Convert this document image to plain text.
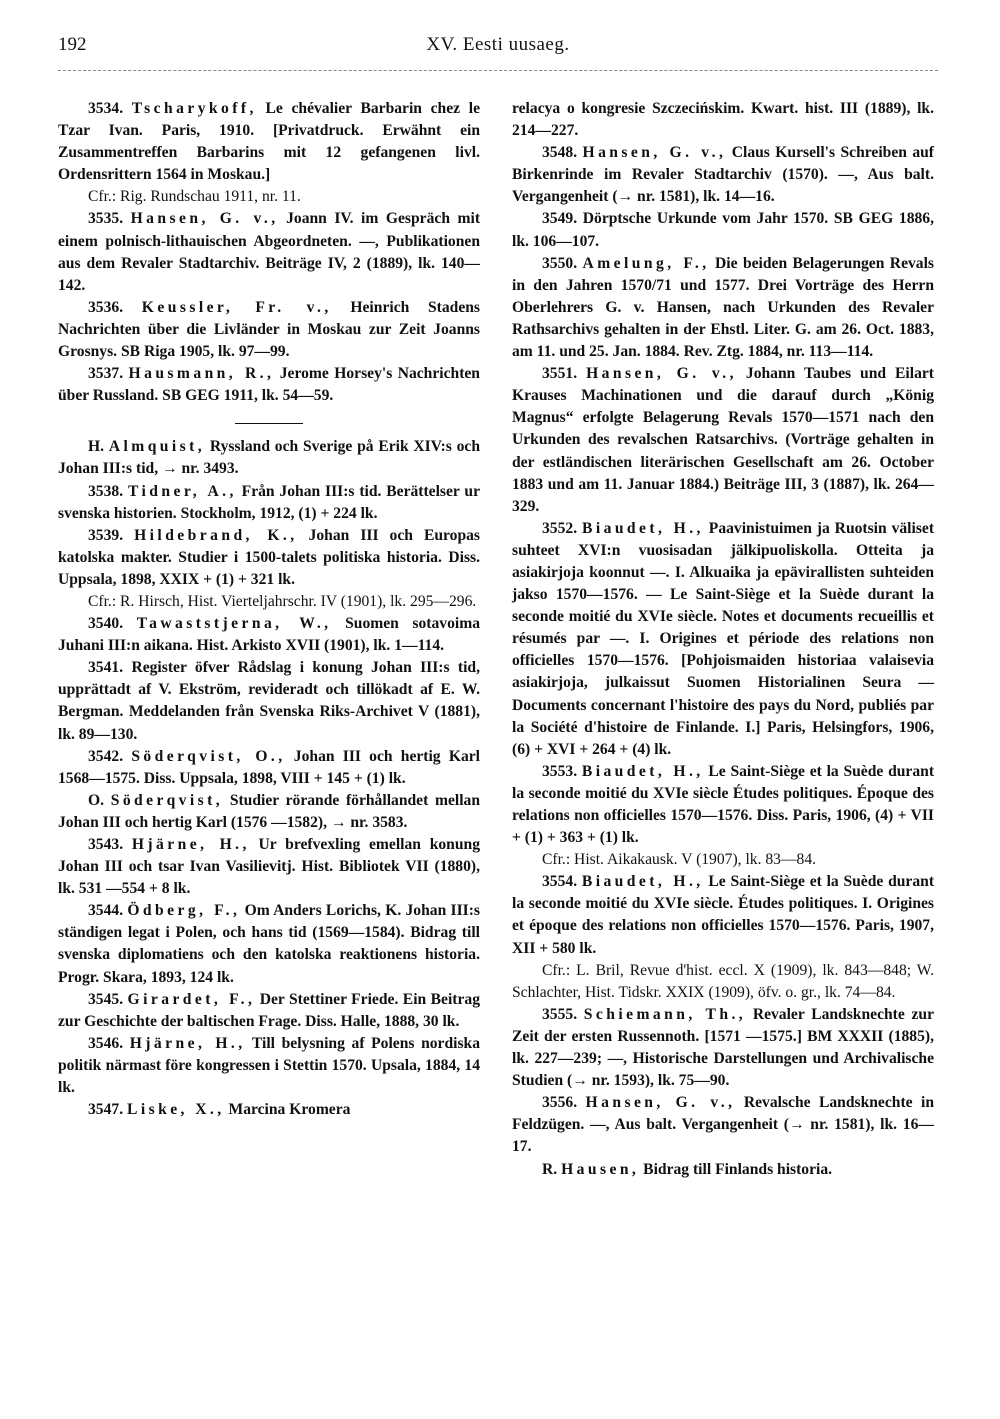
192	XV. Eesti uusaeg.

3534. Tscharykoff, Le chévalier Barbarin chez le Tzar Ivan. Paris, 1910. [Privatdruck. Erwähnt ein Zusammentreffen Barbarins mit 12 gefangenen livl. Ordensrittern 1564 in Moskau.]

Cfr.: Rig. Rundschau 1911, nr. 11.

3535. Hansen, G. v., Joann IV. im Gespräch mit einem polnisch-lithauischen Abgeordneten. —, Publikationen aus dem Revaler Stadtarchiv. Beiträge IV, 2 (1889), lk. 140—142.

3536. Keussler, Fr. v., Heinrich Stadens Nachrichten über die Livländer in Moskau zur Zeit Joanns Grosnys. SB Riga 1905, lk. 97—99.

3537. Hausmann, R., Jerome Horsey's Nachrichten über Russland. SB GEG 1911, lk. 54—59.

H. Almquist, Ryssland och Sverige på Erik XIV:s och Johan III:s tid, → nr. 3493.

3538. Tidner, A., Från Johan III:s tid. Berättelser ur svenska historien. Stockholm, 1912, (1) + 224 lk.

3539. Hildebrand, K., Johan III och Europas katolska makter. Studier i 1500-talets politiska historia. Diss. Uppsala, 1898, XXIX + (1) + 321 lk.

Cfr.: R. Hirsch, Hist. Vierteljahrschr. IV (1901), lk. 295—296.

3540. Tawaststjerna, W., Suomen sotavoima Juhani III:n aikana. Hist. Arkisto XVII (1901), lk. 1—114.

3541. Register öfver Rådslag i konung Johan III:s tid, upprättadt af V. Ekström, revideradt och tillökadt af E. W. Bergman. Meddelanden från Svenska Riks-Archivet V (1881), lk. 89—130.

3542. Söderqvist, O., Johan III och hertig Karl 1568—1575. Diss. Uppsala, 1898, VIII + 145 + (1) lk.

O. Söderqvist, Studier rörande förhållandet mellan Johan III och hertig Karl (1576 —1582), → nr. 3583.

3543. Hjärne, H., Ur brefvexling emellan konung Johan III och tsar Ivan Vasilievitj. Hist. Bibliotek VII (1880), lk. 531 —554 + 8 lk.

3544. Ödberg, F., Om Anders Lorichs, K. Johan III:s ständigen legat i Polen, och hans tid (1569—1584). Bidrag till svenska diplomatiens och den katolska reaktionens historia. Progr. Skara, 1893, 124 lk.

3545. Girardet, F., Der Stettiner Friede. Ein Beitrag zur Geschichte der baltischen Frage. Diss. Halle, 1888, 30 lk.

3546. Hjärne, H., Till belysning af Polens nordiska politik närmast före kongressen i Stettin 1570. Upsala, 1884, 14 lk.

3547. Liske, X., Marcina Kromera

relacya o kongresie Szczecińskim. Kwart. hist. III (1889), lk. 214—227.

3548. Hansen, G. v., Claus Kursell's Schreiben auf Birkenrinde im Revaler Stadtarchiv (1570). —, Aus balt. Vergangenheit (→ nr. 1581), lk. 14—16.

3549. Dörptsche Urkunde vom Jahr 1570. SB GEG 1886, lk. 106—107.

3550. Amelung, F., Die beiden Belagerungen Revals in den Jahren 1570/71 und 1577. Drei Vorträge des Herrn Oberlehrers G. v. Hansen, nach Urkunden des Revaler Rathsarchivs gehalten in der Ehstl. Liter. G. am 26. Oct. 1883, am 11. und 25. Jan. 1884. Rev. Ztg. 1884, nr. 113—114.

3551. Hansen, G. v., Johann Taubes und Eilart Krauses Machinationen und die darauf durch „König Magnus“ erfolgte Belagerung Revals 1570—1571 nach den Urkunden des revalschen Ratsarchivs. (Vorträge gehalten in der estländischen literärischen Gesellschaft am 26. October 1883 und am 11. Januar 1884.) Beiträge III, 3 (1887), lk. 264—329.

3552. Biaudet, H., Paavinistuimen ja Ruotsin väliset suhteet XVI:n vuosisadan jälkipuoliskolla. Otteita ja asiakirjoja koonnut —. I. Alkuaika ja epävirallisten suhteiden jakso 1570—1576. — Le Saint-Siège et la Suède durant la seconde moitié du XVIe siècle. Notes et documents recueillis et résumés par —. I. Origines et période des relations non officielles 1570—1576. [Pohjoismaiden historiaa valaisevia asiakirjoja, julkaissut Suomen Historialinen Seura — Documents concernant l'histoire des pays du Nord, publiés par la Société d'histoire de Finlande. I.] Paris, Helsingfors, 1906, (6) + XVI + 264 + (4) lk.

3553. Biaudet, H., Le Saint-Siège et la Suède durant la seconde moitié du XVIe siècle Études politiques. Époque des relations non officielles 1570—1576. Diss. Paris, 1906, (4) + VII + (1) + 363 + (1) lk.

Cfr.: Hist. Aikakausk. V (1907), lk. 83—84.

3554. Biaudet, H., Le Saint-Siège et la Suède durant la seconde moitié du XVIe siècle. Études politiques. I. Origines et époque des relations non officielles 1570—1576. Paris, 1907, XII + 580 lk.

Cfr.: L. Bril, Revue d'hist. eccl. X (1909), lk. 843—848; W. Schlachter, Hist. Tidskr. XXIX (1909), öfv. o. gr., lk. 74—84.

3555. Schiemann, Th., Revaler Landsknechte zur Zeit der ersten Russennoth. [1571 —1575.] BM XXXII (1885), lk. 227—239; —, Historische Darstellungen und Archivalische Studien (→ nr. 1593), lk. 75—90.

3556. Hansen, G. v., Revalsche Landsknechte in Feldzügen. —, Aus balt. Vergangenheit (→ nr. 1581), lk. 16—17.

R. Hausen, Bidrag till Finlands historia.
